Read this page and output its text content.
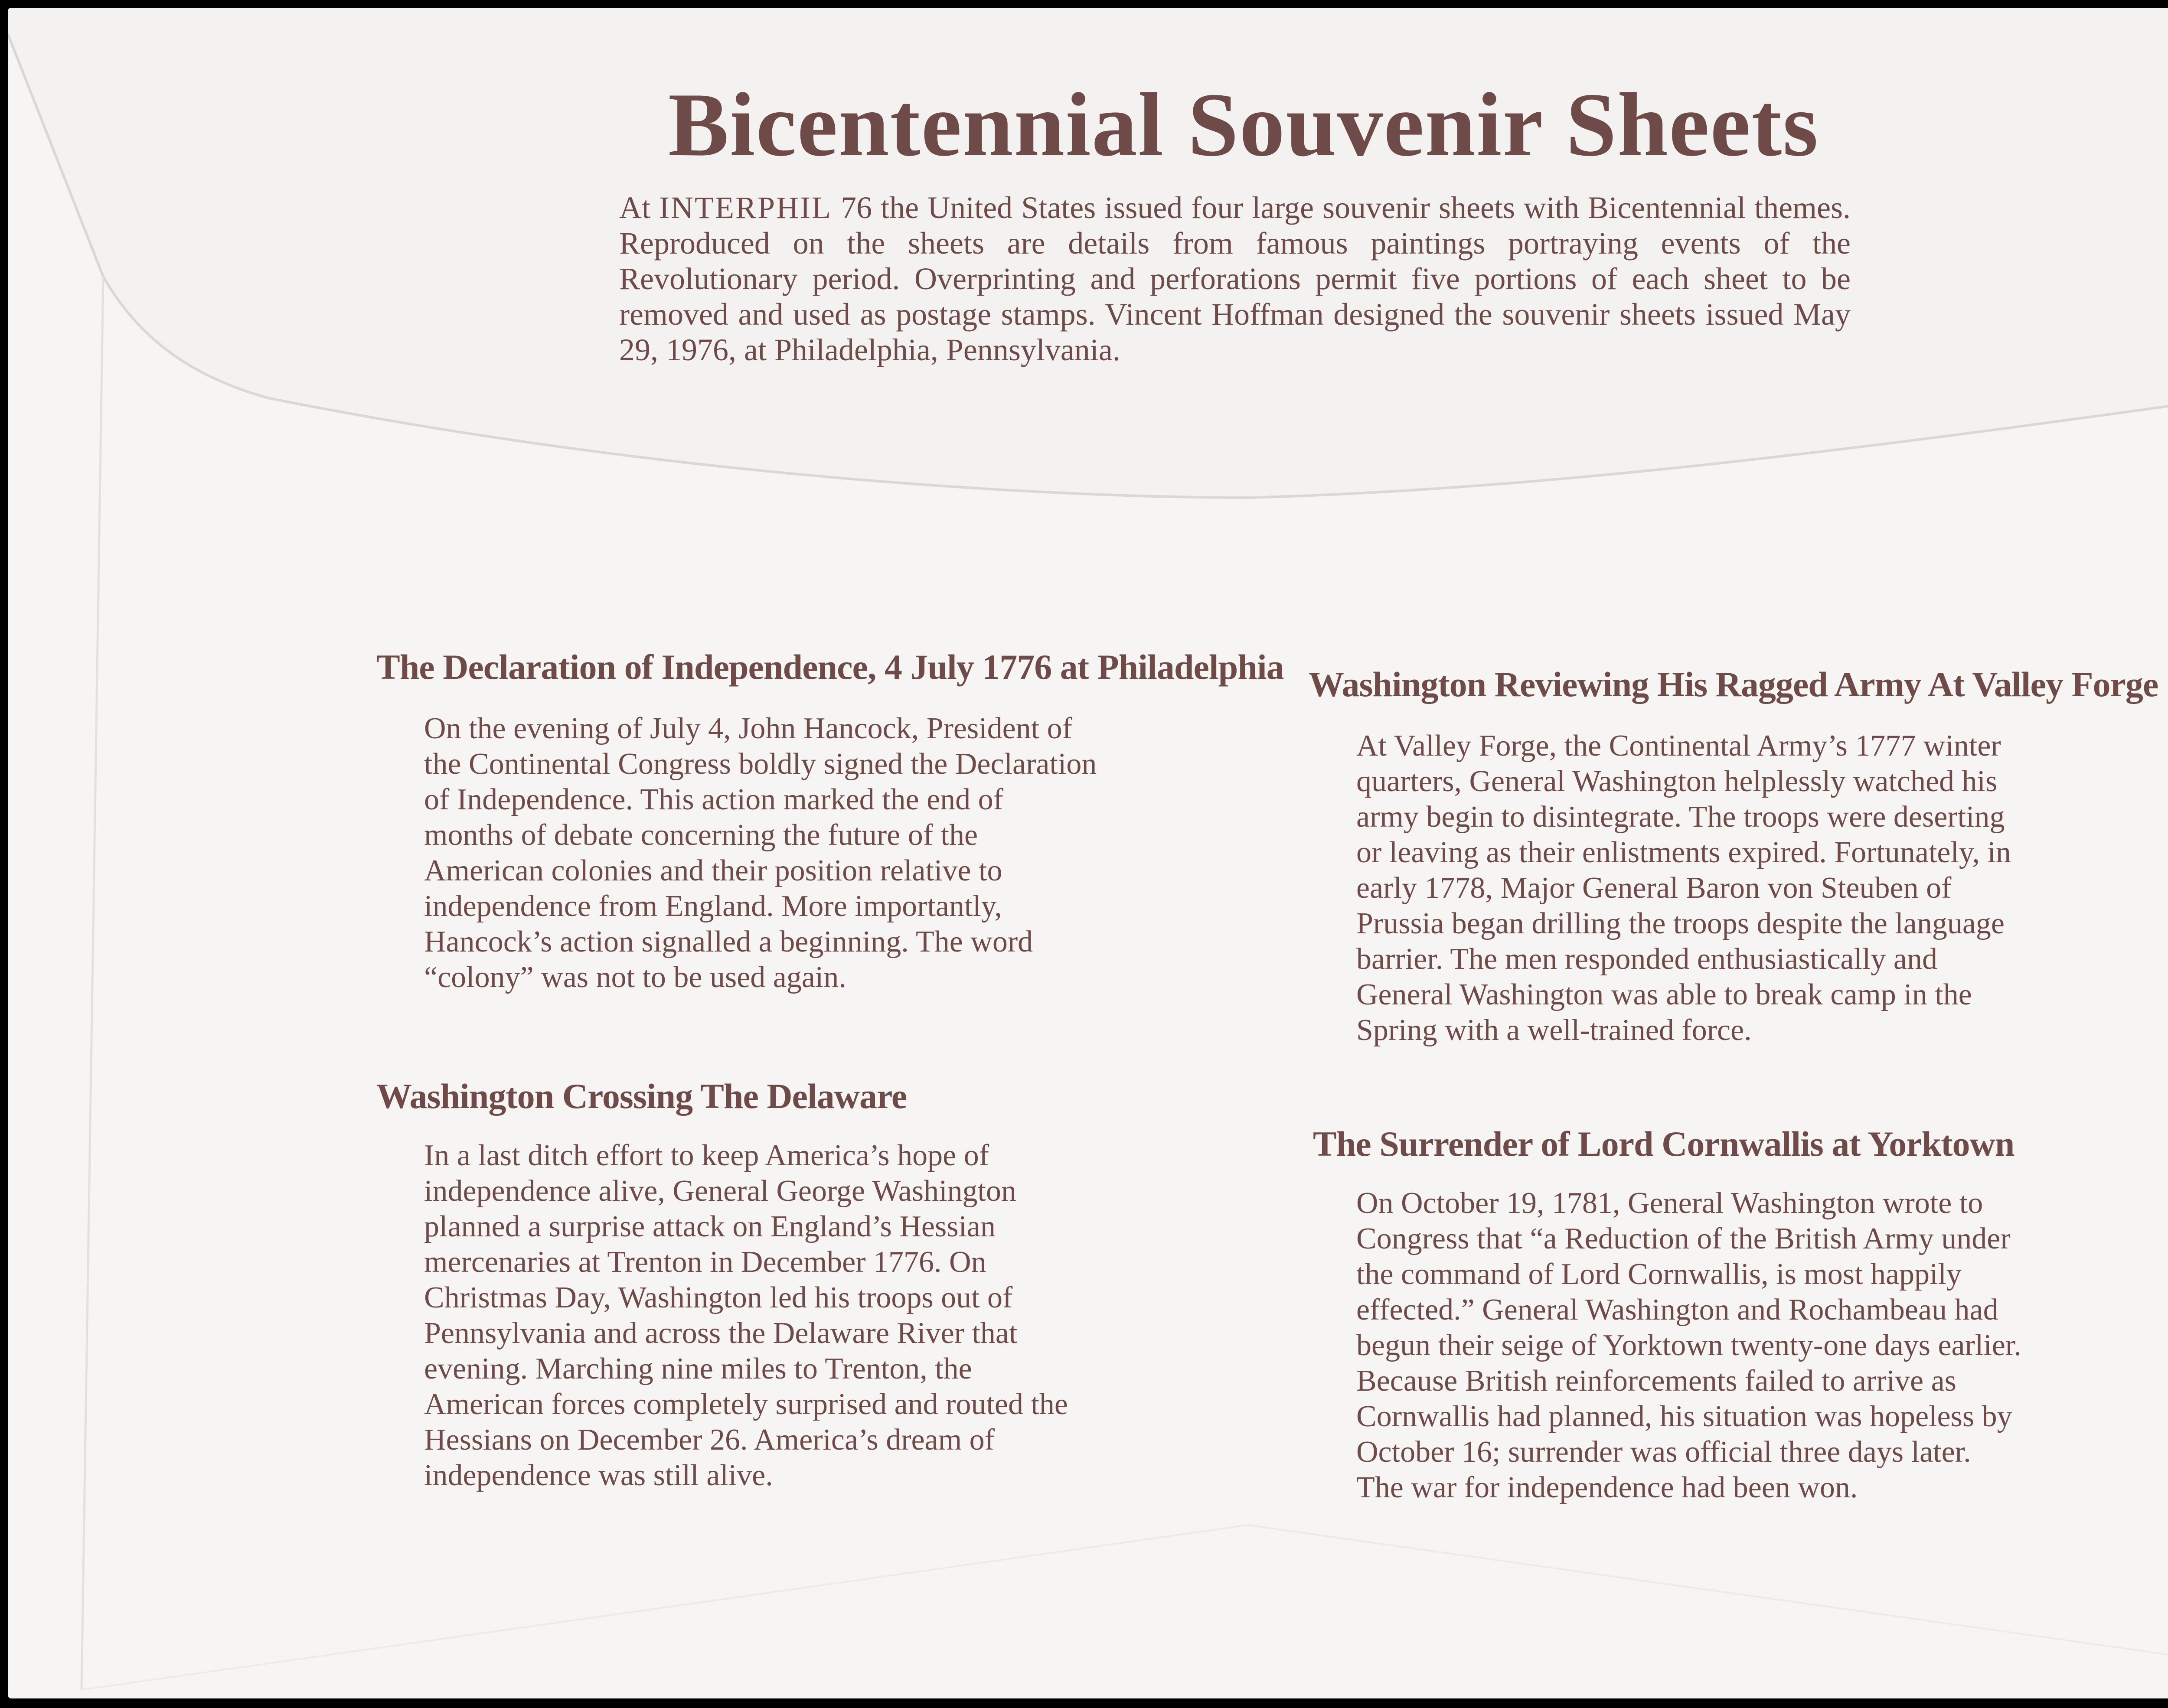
Bicentennial Souvenir Sheets

At INTERPHIL 76 the United States issued four large souvenir sheets with Bicentennial themes. Reproduced on the sheets are details from famous paintings portraying events of the Revolutionary period. Overprinting and perforations permit five portions of each sheet to be removed and used as postage stamps. Vincent Hoffman designed the souvenir sheets issued May 29, 1976, at Philadelphia, Pennsylvania.

The Declaration of Independence, 4 July 1776 at Philadelphia

On the evening of July 4, John Hancock, President of
the Continental Congress boldly signed the Declaration
of Independence. This action marked the end of
months of debate concerning the future of the
American colonies and their position relative to
independence from England. More importantly,
Hancock’s action signalled a beginning. The word
“colony” was not to be used again.

Washington Reviewing His Ragged Army At Valley Forge

At Valley Forge, the Continental Army’s 1777 winter
quarters, General Washington helplessly watched his
army begin to disintegrate. The troops were deserting
or leaving as their enlistments expired. Fortunately, in
early 1778, Major General Baron von Steuben of
Prussia began drilling the troops despite the language
barrier. The men responded enthusiastically and
General Washington was able to break camp in the
Spring with a well-trained force.

Washington Crossing The Delaware

In a last ditch effort to keep America’s hope of
independence alive, General George Washington
planned a surprise attack on England’s Hessian
mercenaries at Trenton in December 1776. On
Christmas Day, Washington led his troops out of
Pennsylvania and across the Delaware River that
evening. Marching nine miles to Trenton, the
American forces completely surprised and routed the
Hessians on December 26. America’s dream of
independence was still alive.

The Surrender of Lord Cornwallis at Yorktown

On October 19, 1781, General Washington wrote to
Congress that “a Reduction of the British Army under
the command of Lord Cornwallis, is most happily
effected.” General Washington and Rochambeau had
begun their seige of Yorktown twenty-one days earlier.
Because British reinforcements failed to arrive as
Cornwallis had planned, his situation was hopeless by
October 16; surrender was official three days later.
The war for independence had been won.
